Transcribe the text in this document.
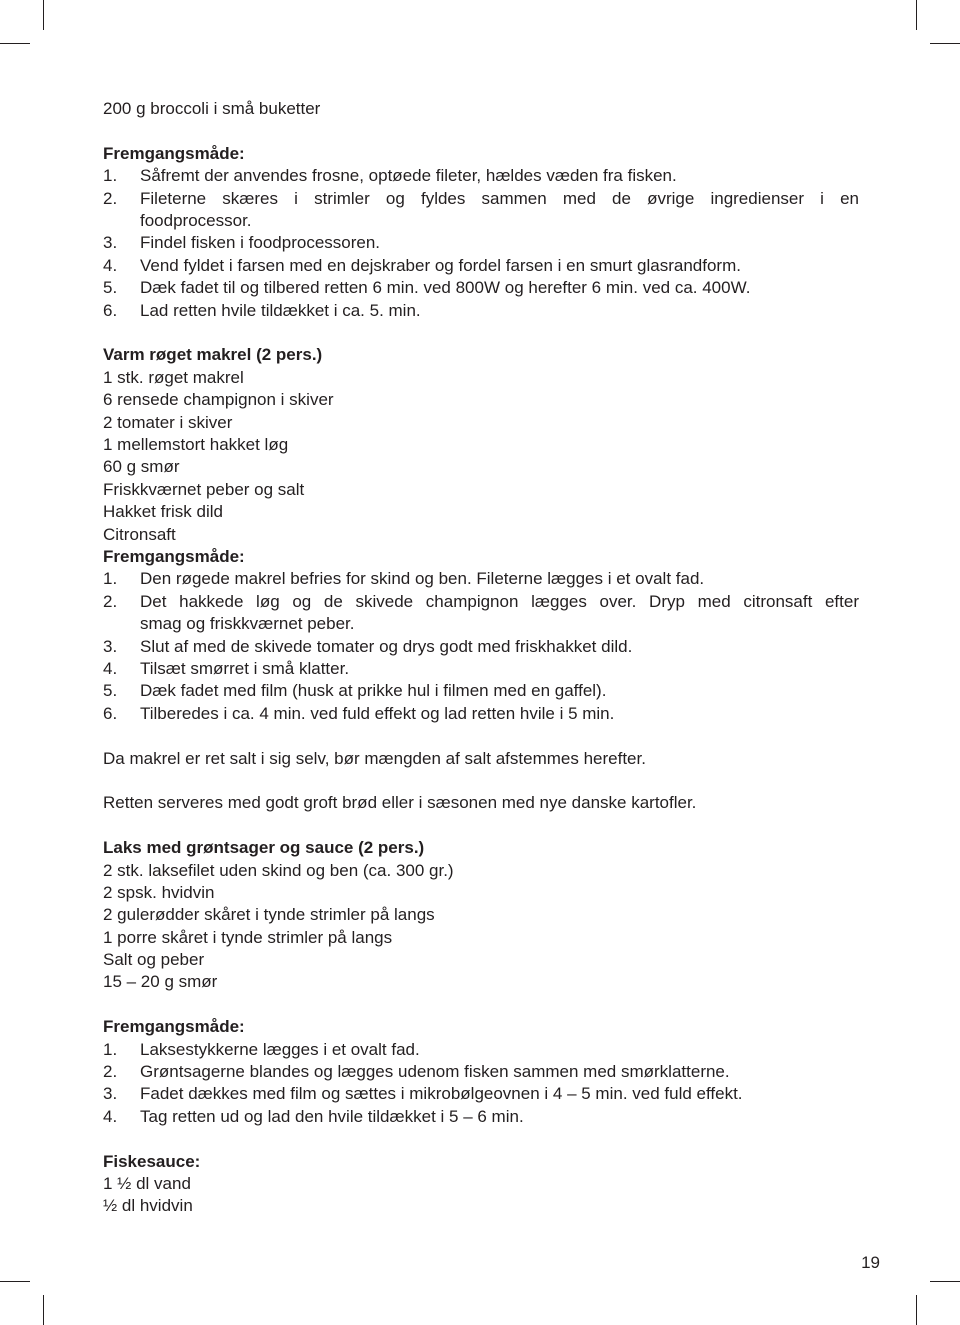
200 g broccoli i små buketter
Fremgangsmåde:
1. Såfremt der anvendes frosne, optøede fileter, hældes væden fra fisken.
2. Fileterne skæres i strimler og fyldes sammen med de øvrige ingredienser i en
foodprocessor.
3. Findel fisken i foodprocessoren.
4. Vend fyldet i farsen med en dejskraber og fordel farsen i en smurt glasrandform.
5. Dæk fadet til og tilbered retten 6 min. ved 800W og herefter 6 min. ved ca. 400W.
6. Lad retten hvile tildækket i ca. 5. min.
Varm røget makrel (2 pers.)
1 stk. røget makrel
6 rensede champignon i skiver
2 tomater i skiver
1 mellemstort hakket løg
60 g smør
Friskkværnet peber og salt
Hakket frisk dild
Citronsaft
Fremgangsmåde:
1. Den røgede makrel befries for skind og ben. Fileterne lægges i et ovalt fad.
2. Det hakkede løg og de skivede champignon lægges over. Dryp med citronsaft efter
smag og friskkværnet peber.
3. Slut af med de skivede tomater og drys godt med friskhakket dild.
4. Tilsæt smørret i små klatter.
5. Dæk fadet med film (husk at prikke hul i filmen med en gaffel).
6. Tilberedes i ca. 4 min. ved fuld effekt og lad retten hvile i 5 min.
Da makrel er ret salt i sig selv, bør mængden af salt afstemmes herefter.
Retten serveres med godt groft brød eller i sæsonen med nye danske kartofler.
Laks med grøntsager og sauce (2 pers.)
2 stk. laksefilet uden skind og ben (ca. 300 gr.)
2 spsk. hvidvin
2 gulerødder skåret i tynde strimler på langs
1 porre skåret i tynde strimler på langs
Salt og peber
15 – 20 g smør
Fremgangsmåde:
1. Laksestykkerne lægges i et ovalt fad.
2. Grøntsagerne blandes og lægges udenom fisken sammen med smørklatterne.
3. Fadet dækkes med film og sættes i mikrobølgeovnen i 4 – 5 min. ved fuld effekt.
4. Tag retten ud og lad den hvile tildækket i 5 – 6 min.
Fiskesauce:
1 ½ dl vand
½ dl hvidvin
19
